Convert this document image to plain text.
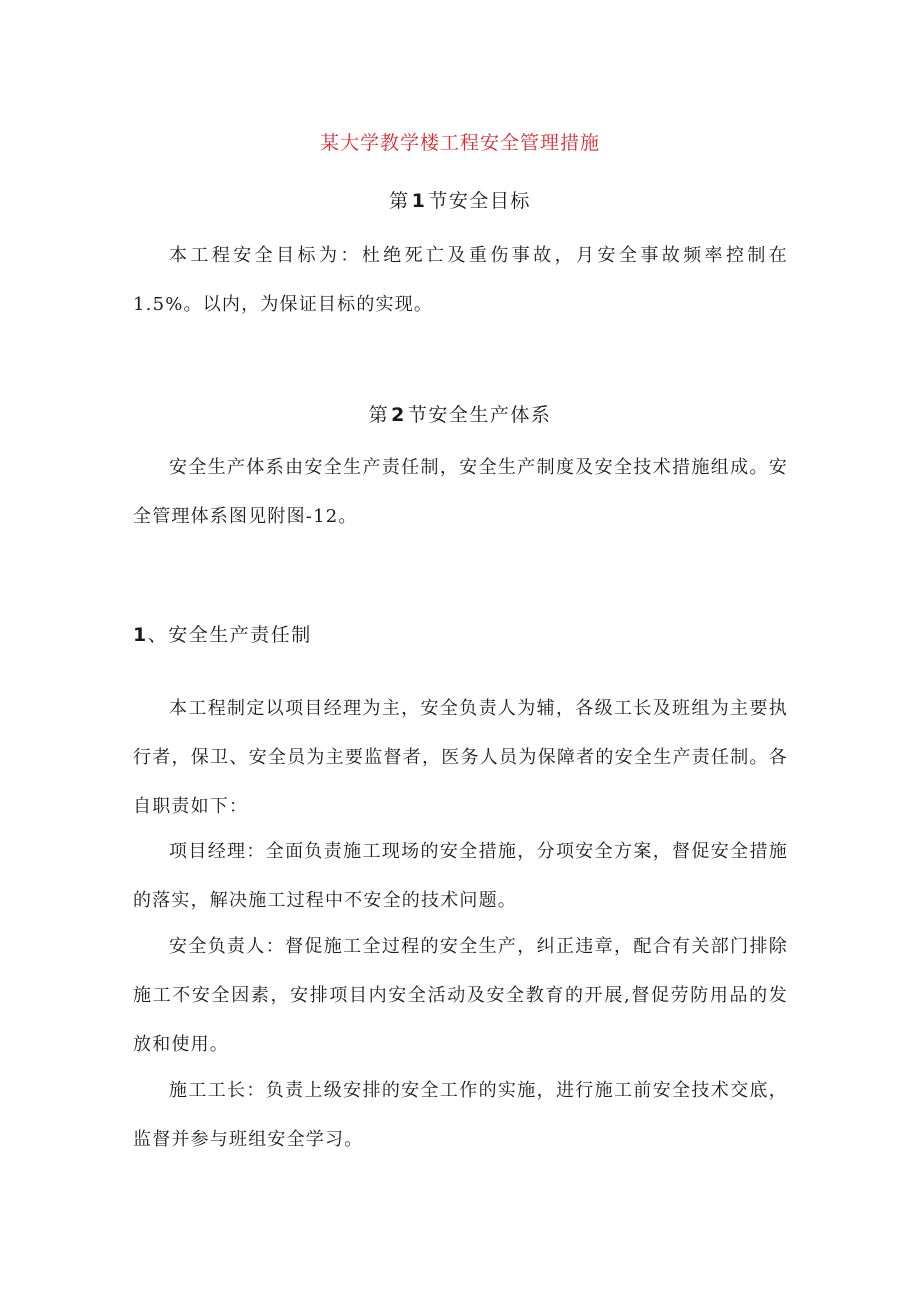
某大学教学楼工程安全管理措施
第 1 节安全目标

本工程安全目标为：杜绝死亡及重伤事故，月安全事故频率控制在1.5%。以内，为保证目标的实现。

第 2 节安全生产体系

安全生产体系由安全生产责任制，安全生产制度及安全技术措施组成。安全管理体系图见附图-12。

1、安全生产责任制

本工程制定以项目经理为主，安全负责人为辅，各级工长及班组为主要执行者，保卫、安全员为主要监督者，医务人员为保障者的安全生产责任制。各自职责如下：

项目经理：全面负责施工现场的安全措施，分项安全方案，督促安全措施的落实，解决施工过程中不安全的技术问题。

安全负责人：督促施工全过程的安全生产，纠正违章，配合有关部门排除施工不安全因素，安排项目内安全活动及安全教育的开展,督促劳防用品的发放和使用。

施工工长：负责上级安排的安全工作的实施，进行施工前安全技术交底，监督并参与班组安全学习。
